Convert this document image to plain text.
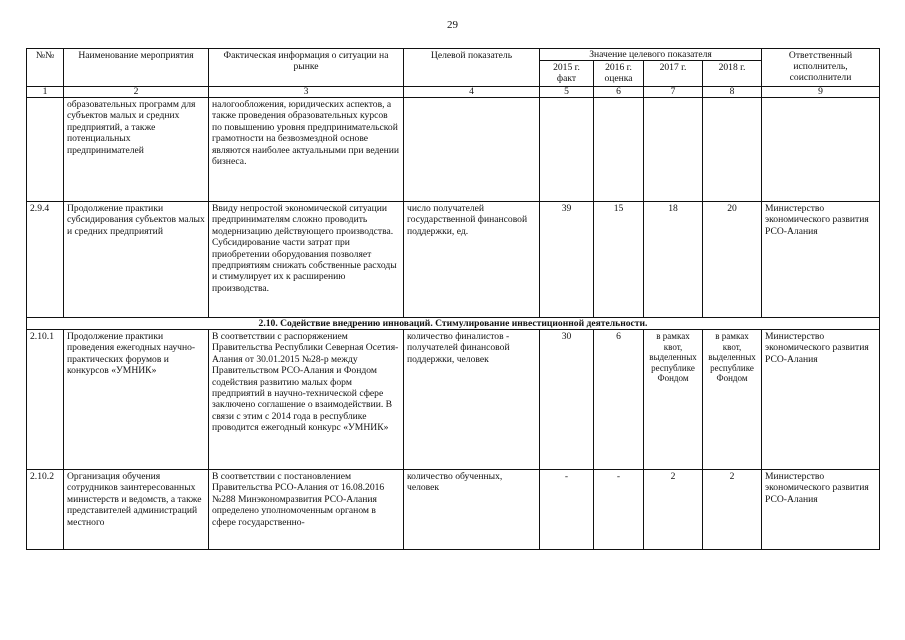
29
№№	Наименование мероприятия	Фактическая информация о ситуации на рынке	Целевой показатель	Значение целевого показателя				Ответственный исполнитель, соисполнители
				2015 г. факт	2016 г. оценка	2017 г.	2018 г.	
1	2	3	4	5	6	7	8	9
	образовательных программ для субъектов малых и средних предприятий, а также потенциальных предпринимателей	налогообложения, юридических аспектов, а также проведения образовательных курсов по повышению уровня предпринимательской грамотности на безвозмездной основе являются наиболее актуальными при ведении бизнеса.						
2.9.4	Продолжение практики субсидирования субъектов малых и средних предприятий	Ввиду непростой экономической ситуации предпринимателям сложно проводить модернизацию действующего производства. Субсидирование части затрат при приобретении оборудования позволяет предприятиям снижать собственные расходы и стимулирует их к расширению производства.	число получателей государственной финансовой поддержки, ед.	39	15	18	20	Министерство экономического развития РСО-Алания
2.10. Содействие внедрению инноваций. Стимулирование инвестиционной деятельности.								
2.10.1	Продолжение практики проведения ежегодных научно-практических форумов и конкурсов «УМНИК»	В соответствии с распоряжением Правительства Республики Северная Осетия-Алания от 30.01.2015 №28-р между Правительством РСО-Алания и Фондом содействия развитию малых форм предприятий в научно-технической сфере заключено соглашение о взаимодействии. В связи с этим с 2014 года в республике проводится ежегодный конкурс «УМНИК»	количество финалистов - получателей финансовой поддержки, человек	30	6	в рамках квот, выделенных республике Фондом	в рамках квот, выделенных республике Фондом	Министерство экономического развития РСО-Алания
2.10.2	Организация обучения сотрудников заинтересованных министерств и ведомств, а также представителей администраций местного	В соответствии с постановлением Правительства РСО-Алания от 16.08.2016 №288 Минэкономразвития РСО-Алания определено уполномоченным органом в сфере государственно-	количество обученных, человек	-	-	2	2	Министерство экономического развития РСО-Алания
